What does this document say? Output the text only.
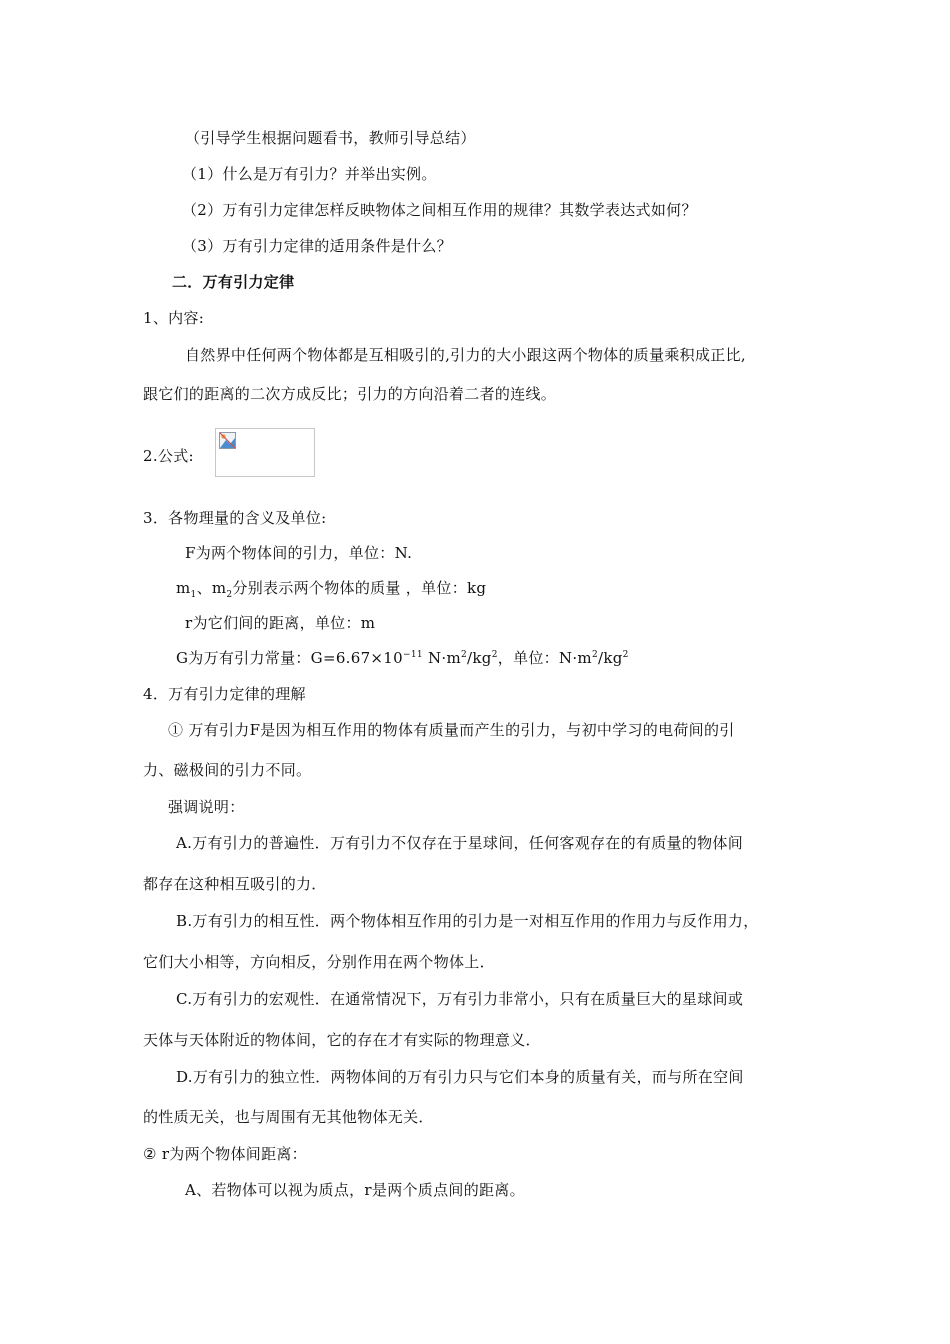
（引导学生根据问题看书，教师引导总结）
（1）什么是万有引力？并举出实例。
（2）万有引力定律怎样反映物体之间相互作用的规律？其数学表达式如何？
（3）万有引力定律的适用条件是什么？
二．万有引力定律
1、内容:
自然界中任何两个物体都是互相吸引的,引力的大小跟这两个物体的质量乘积成正比,
跟它们的距离的二次方成反比；引力的方向沿着二者的连线。
2.公式:
3．各物理量的含义及单位:
F为两个物体间的引力，单位：N.
$m_1$、$m_2$分别表示两个物体的质量 ，单位：kg
r为它们间的距离，单位：m
G为万有引力常量：$G=6.67\times 10^{-11}$ $N\cdot m^2/kg^2$，单位：$N\cdot m^2/kg^2$
4．万有引力定律的理解
① 万有引力F是因为相互作用的物体有质量而产生的引力，与初中学习的电荷间的引
力、磁极间的引力不同。
强调说明：
A.万有引力的普遍性．万有引力不仅存在于星球间，任何客观存在的有质量的物体间
都存在这种相互吸引的力．
B.万有引力的相互性．两个物体相互作用的引力是一对相互作用的作用力与反作用力，
它们大小相等，方向相反，分别作用在两个物体上．
C.万有引力的宏观性．在通常情况下，万有引力非常小，只有在质量巨大的星球间或
天体与天体附近的物体间，它的存在才有实际的物理意义．
D.万有引力的独立性．两物体间的万有引力只与它们本身的质量有关，而与所在空间
的性质无关，也与周围有无其他物体无关．
② r为两个物体间距离：
A、若物体可以视为质点，r是两个质点间的距离。
